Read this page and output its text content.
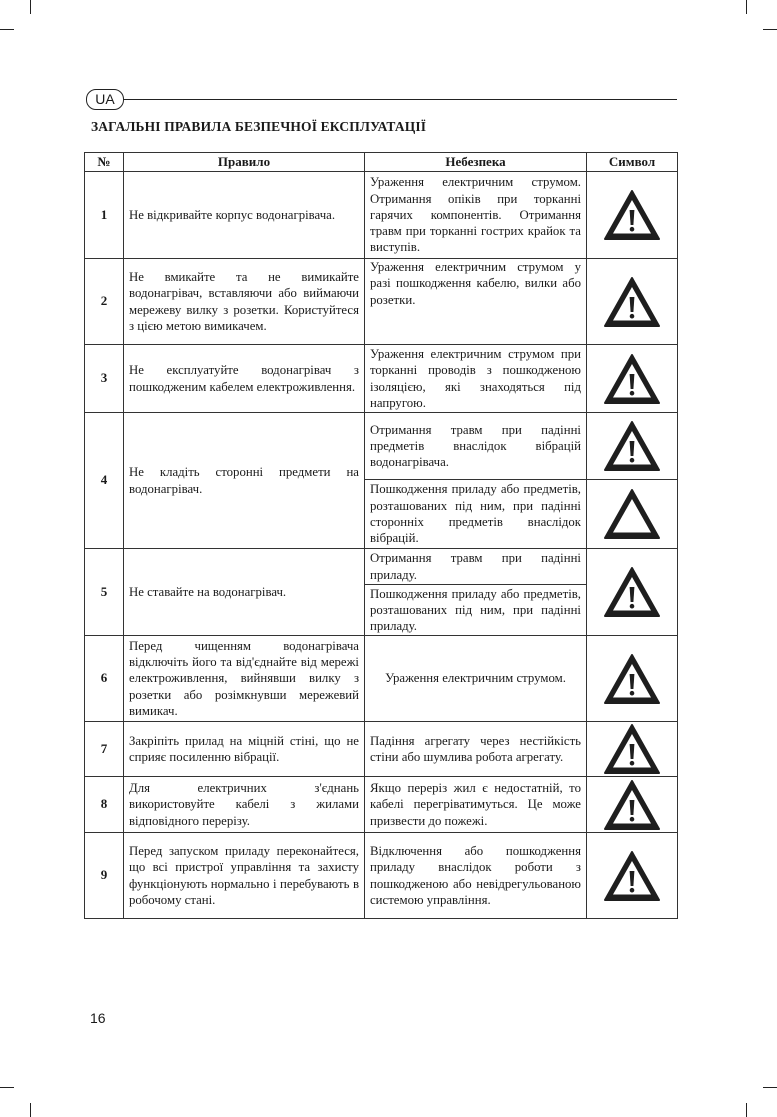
UA
ЗАГАЛЬНІ ПРАВИЛА БЕЗПЕЧНОЇ ЕКСПЛУАТАЦІЇ
№	Правило	Небезпека	Символ
1	Не відкривайте корпус водонагрівача.	Ураження електричним струмом. Отримання опіків при торканні гарячих компонентів. Отримання травм при торканні гострих крайок та виступів.	

2	Не вмикайте та не вимикайте водонагрівач, вставляючи або виймаючи мережеву вилку з розетки. Користуйтеся з цією метою вимикачем.	Ураження електричним струмом у разі пошкодження кабелю, вилки або розетки.	

3	Не експлуатуйте водонагрівач з пошкодженим кабелем електроживлення.	Ураження електричним струмом при торканні проводів з пошкодженою ізоляцією, які знаходяться під напругою.	

4	Не кладіть сторонні предмети на водонагрівач.	Отримання травм при падінні предметів внаслідок вібрацій водонагрівача.	

		Пошкодження приладу або предметів, розташованих під ним, при падінні сторонніх предметів внаслідок вібрацій.	

5	Не ставайте на водонагрівач.	Отримання травм при падінні приладу.	

		Пошкодження приладу або предметів, розташованих під ним, при падінні приладу.	
6	Перед чищенням водонагрівача відключіть його та від'єднайте від мережі електроживлення, вийнявши вилку з розетки або розімкнувши мережевий вимикач.	Ураження електричним струмом.	

7	Закріпіть прилад на міцній стіні, що не сприяє посиленню вібрації.	Падіння агрегату через нестійкість стіни або шумлива робота агрегату.	

8	Для електричних з'єднань використовуйте кабелі з жилами відповідного перерізу.	Якщо переріз жил є недостатній, то кабелі перегріватимуться. Це може призвести до пожежі.	

9	Перед запуском приладу переконайтеся, що всі пристрої управління та захисту функціонують нормально і перебувають в робочому стані.	Відключення або пошкодження приладу внаслідок роботи з пошкодженою або невідрегульованою системою управління.	
16
